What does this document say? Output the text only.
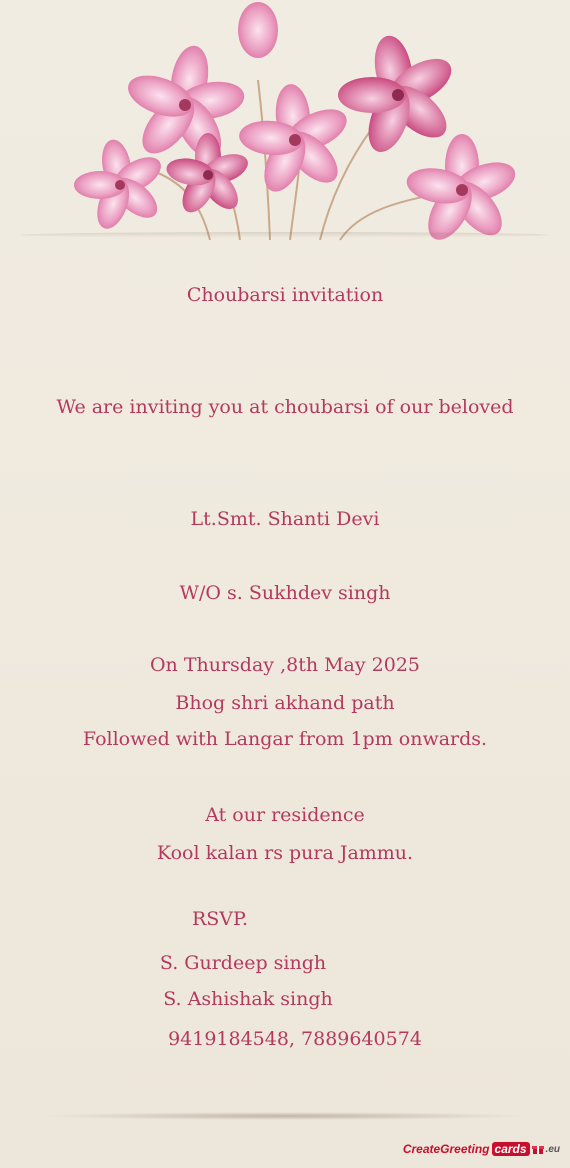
Choubarsi invitation
We are inviting you at choubarsi of our beloved
Lt.Smt. Shanti Devi
W/O s. Sukhdev singh
On Thursday ,8th May 2025
Bhog shri akhand path
Followed with Langar from 1pm onwards.
At our residence
Kool kalan rs pura Jammu.
RSVP.
S. Gurdeep singh
S. Ashishak singh
9419184548, 7889640574
CreateGreeting cards	.eu
